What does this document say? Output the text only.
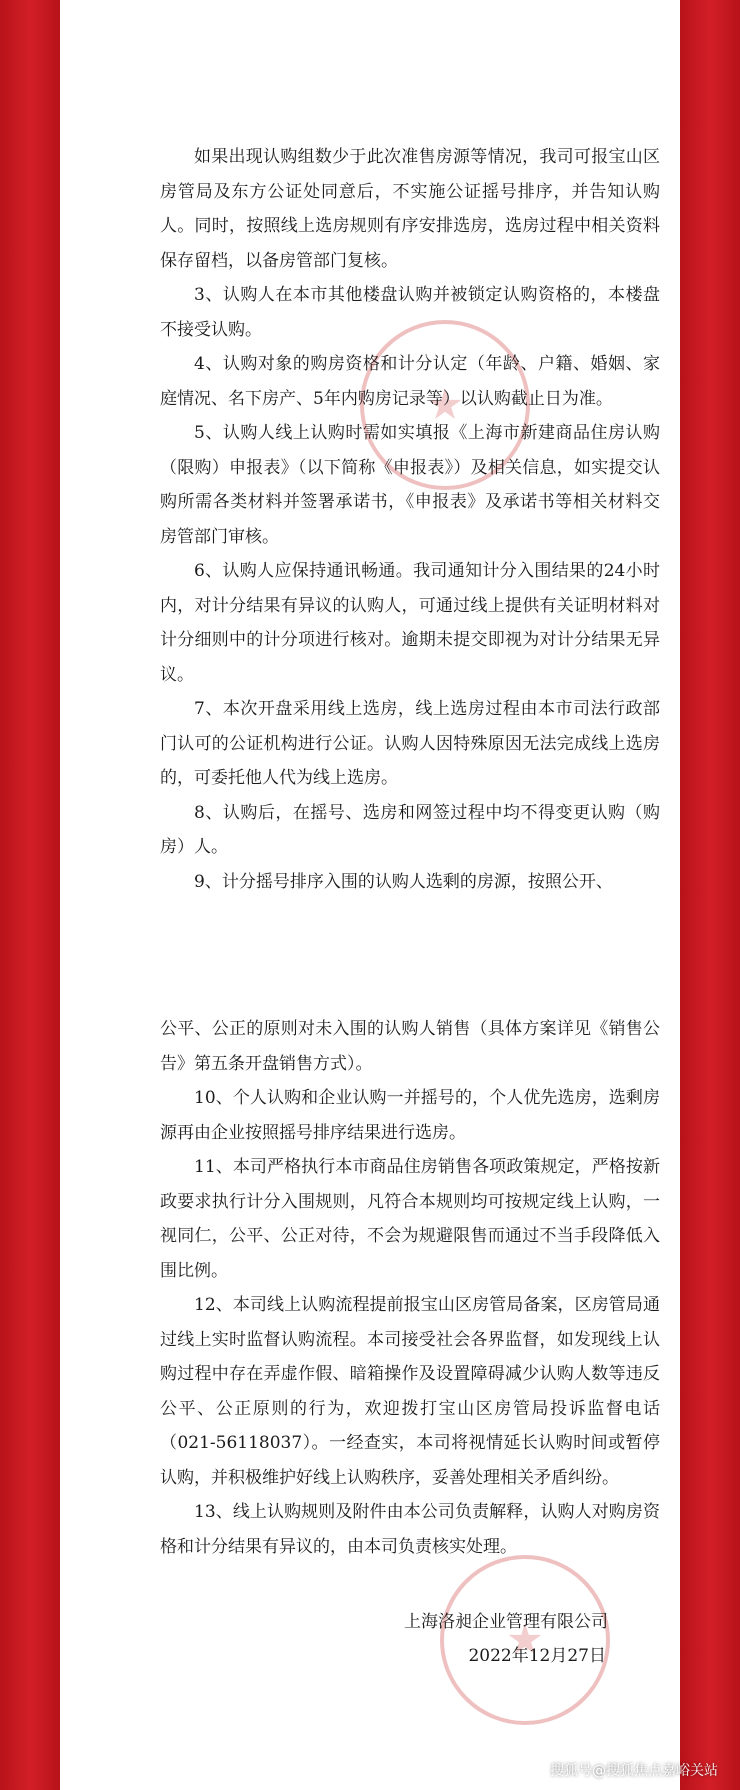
如果出现认购组数少于此次准售房源等情况，我司可报宝山区房管局及东方公证处同意后，不实施公证摇号排序，并告知认购人。同时，按照线上选房规则有序安排选房，选房过程中相关资料保存留档，以备房管部门复核。

3、认购人在本市其他楼盘认购并被锁定认购资格的，本楼盘不接受认购。

4、认购对象的购房资格和计分认定（年龄、户籍、婚姻、家庭情况、名下房产、5年内购房记录等）以认购截止日为准。

5、认购人线上认购时需如实填报《上海市新建商品住房认购（限购）申报表》（以下简称《申报表》）及相关信息，如实提交认购所需各类材料并签署承诺书，《申报表》及承诺书等相关材料交房管部门审核。

6、认购人应保持通讯畅通。我司通知计分入围结果的24小时内，对计分结果有异议的认购人，可通过线上提供有关证明材料对计分细则中的计分项进行核对。逾期未提交即视为对计分结果无异议。

7、本次开盘采用线上选房，线上选房过程由本市司法行政部门认可的公证机构进行公证。认购人因特殊原因无法完成线上选房的，可委托他人代为线上选房。

8、认购后，在摇号、选房和网签过程中均不得变更认购（购房）人。

9、计分摇号排序入围的认购人选剩的房源，按照公开、

公平、公正的原则对未入围的认购人销售（具体方案详见《销售公告》第五条开盘销售方式）。

10、个人认购和企业认购一并摇号的，个人优先选房，选剩房源再由企业按照摇号排序结果进行选房。

11、本司严格执行本市商品住房销售各项政策规定，严格按新政要求执行计分入围规则，凡符合本规则均可按规定线上认购，一视同仁，公平、公正对待，不会为规避限售而通过不当手段降低入围比例。

12、本司线上认购流程提前报宝山区房管局备案，区房管局通过线上实时监督认购流程。本司接受社会各界监督，如发现线上认购过程中存在弄虚作假、暗箱操作及设置障碍减少认购人数等违反公平、公正原则的行为，欢迎拨打宝山区房管局投诉监督电话（021-56118037）。一经查实，本司将视情延长认购时间或暂停认购，并积极维护好线上认购秩序，妥善处理相关矛盾纠纷。

13、线上认购规则及附件由本公司负责解释，认购人对购房资格和计分结果有异议的，由本司负责核实处理。

上海洛昶企业管理有限公司
2022年12月27日
搜狐号@搜狐焦点嘉峪关站
